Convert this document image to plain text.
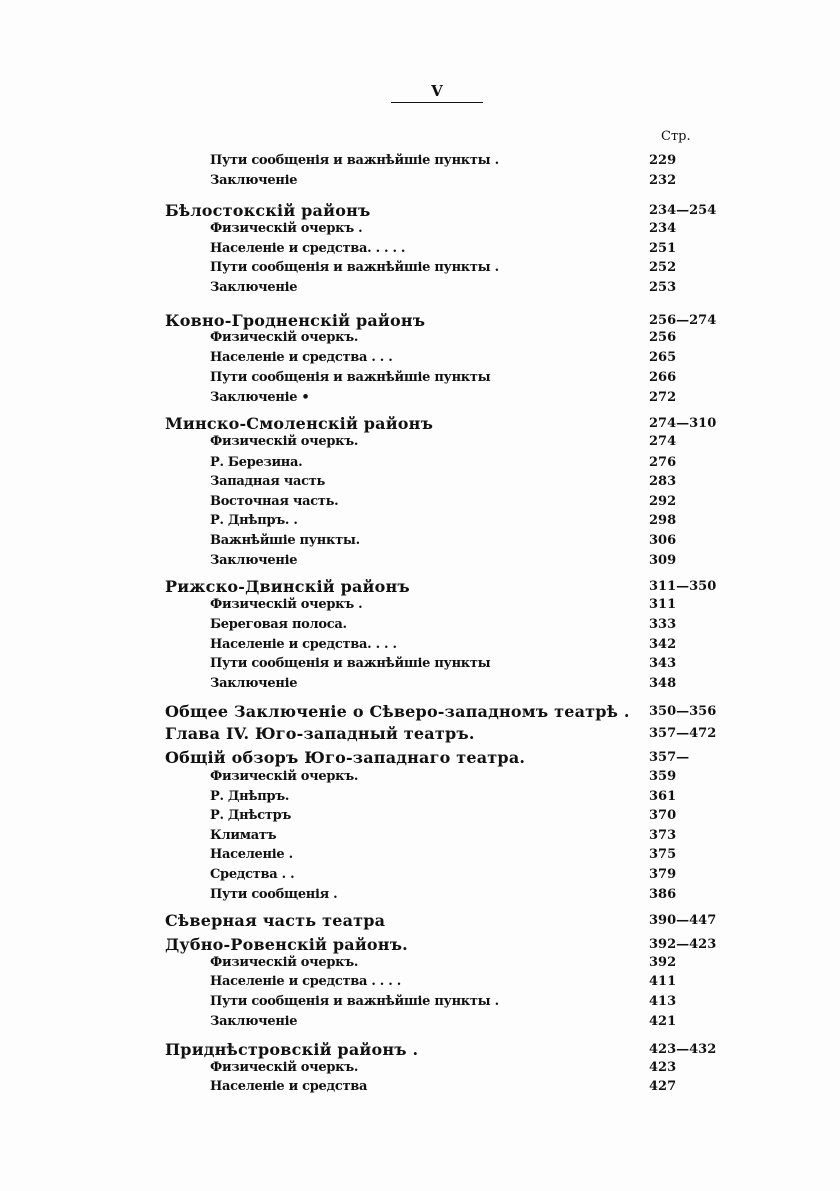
V
Стр.
Пути сообщенія и важнѣйшіе пункты .	229
Заключеніе	232
Бѣлостокскій районъ	234—254
Физическій очеркъ .	234
Населеніе и средства. . . . .	251
Пути сообщенія и важнѣйшіе пункты .	252
Заключеніе	253
Ковно-Гродненскій районъ	256—274
Физическій очеркъ.	256
Населеніе и средства . . .	265
Пути сообщенія и важнѣйшіе пункты	266
Заключеніе •	272
Минско-Смоленскій районъ	274—310
Физическій очеркъ.	274
Р. Березина.	276
Западная часть	283
Восточная часть.	292
Р. Днѣпръ. .	298
Важнѣйшіе пункты.	306
Заключеніе	309
Рижско-Двинскій районъ	311—350
Физическій очеркъ .	311
Береговая полоса.	333
Населеніе и средства. . . .	342
Пути сообщенія и важнѣйшіе пункты	343
Заключеніе	348
Общее Заключеніе о Сѣверо-западномъ театрѣ . 350—356
Глава IV. Юго-западный театръ.	357—472
Общій обзоръ Юго-западнаго театра.	357—
Физическій очеркъ.	359
Р. Днѣпръ.	361
Р. Днѣстръ	370
Климатъ	373
Населеніе .	375
Средства . .	379
Пути сообщенія .	386
Сѣверная часть театра	390—447
Дубно-Ровенскій районъ.	392—423
Физическій очеркъ.	392
Населеніе и средства . . . .	411
Пути сообщенія и важнѣйшіе пункты .	413
Заключеніе	421
Приднѣстровскій районъ .	423—432
Физическій очеркъ.	423
Населеніе и средства	427
